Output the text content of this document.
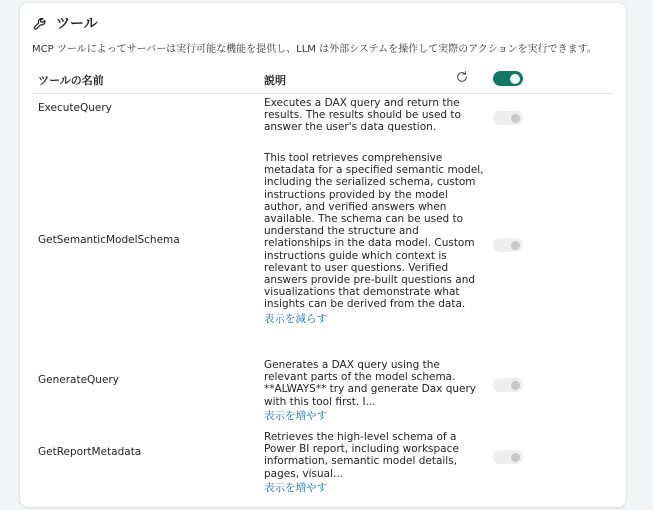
ツール
MCP ツールによってサーバーは実行可能な機能を提供し、LLM は外部システムを操作して実際のアクションを実行できます。
ツールの名前	説明
ExecuteQuery	Executes a DAX query and return the results. The results should be used to answer the user's data question.
GetSemanticModelSchema
This tool retrieves comprehensive metadata for a specified semantic model, including the serialized schema, custom instructions provided by the model author, and verified answers when available. The schema can be used to understand the structure and relationships in the data model. Custom instructions guide which context is relevant to user questions. Verified answers provide pre-built questions and visualizations that demonstrate what insights can be derived from the data.
表示を減らす
GenerateQuery
Generates a DAX query using the relevant parts of the model schema. **ALWAYS** try and generate Dax query with this tool first. I...
表示を増やす
GetReportMetadata
Retrieves the high-level schema of a Power BI report, including workspace information, semantic model details, pages, visual...
表示を増やす
